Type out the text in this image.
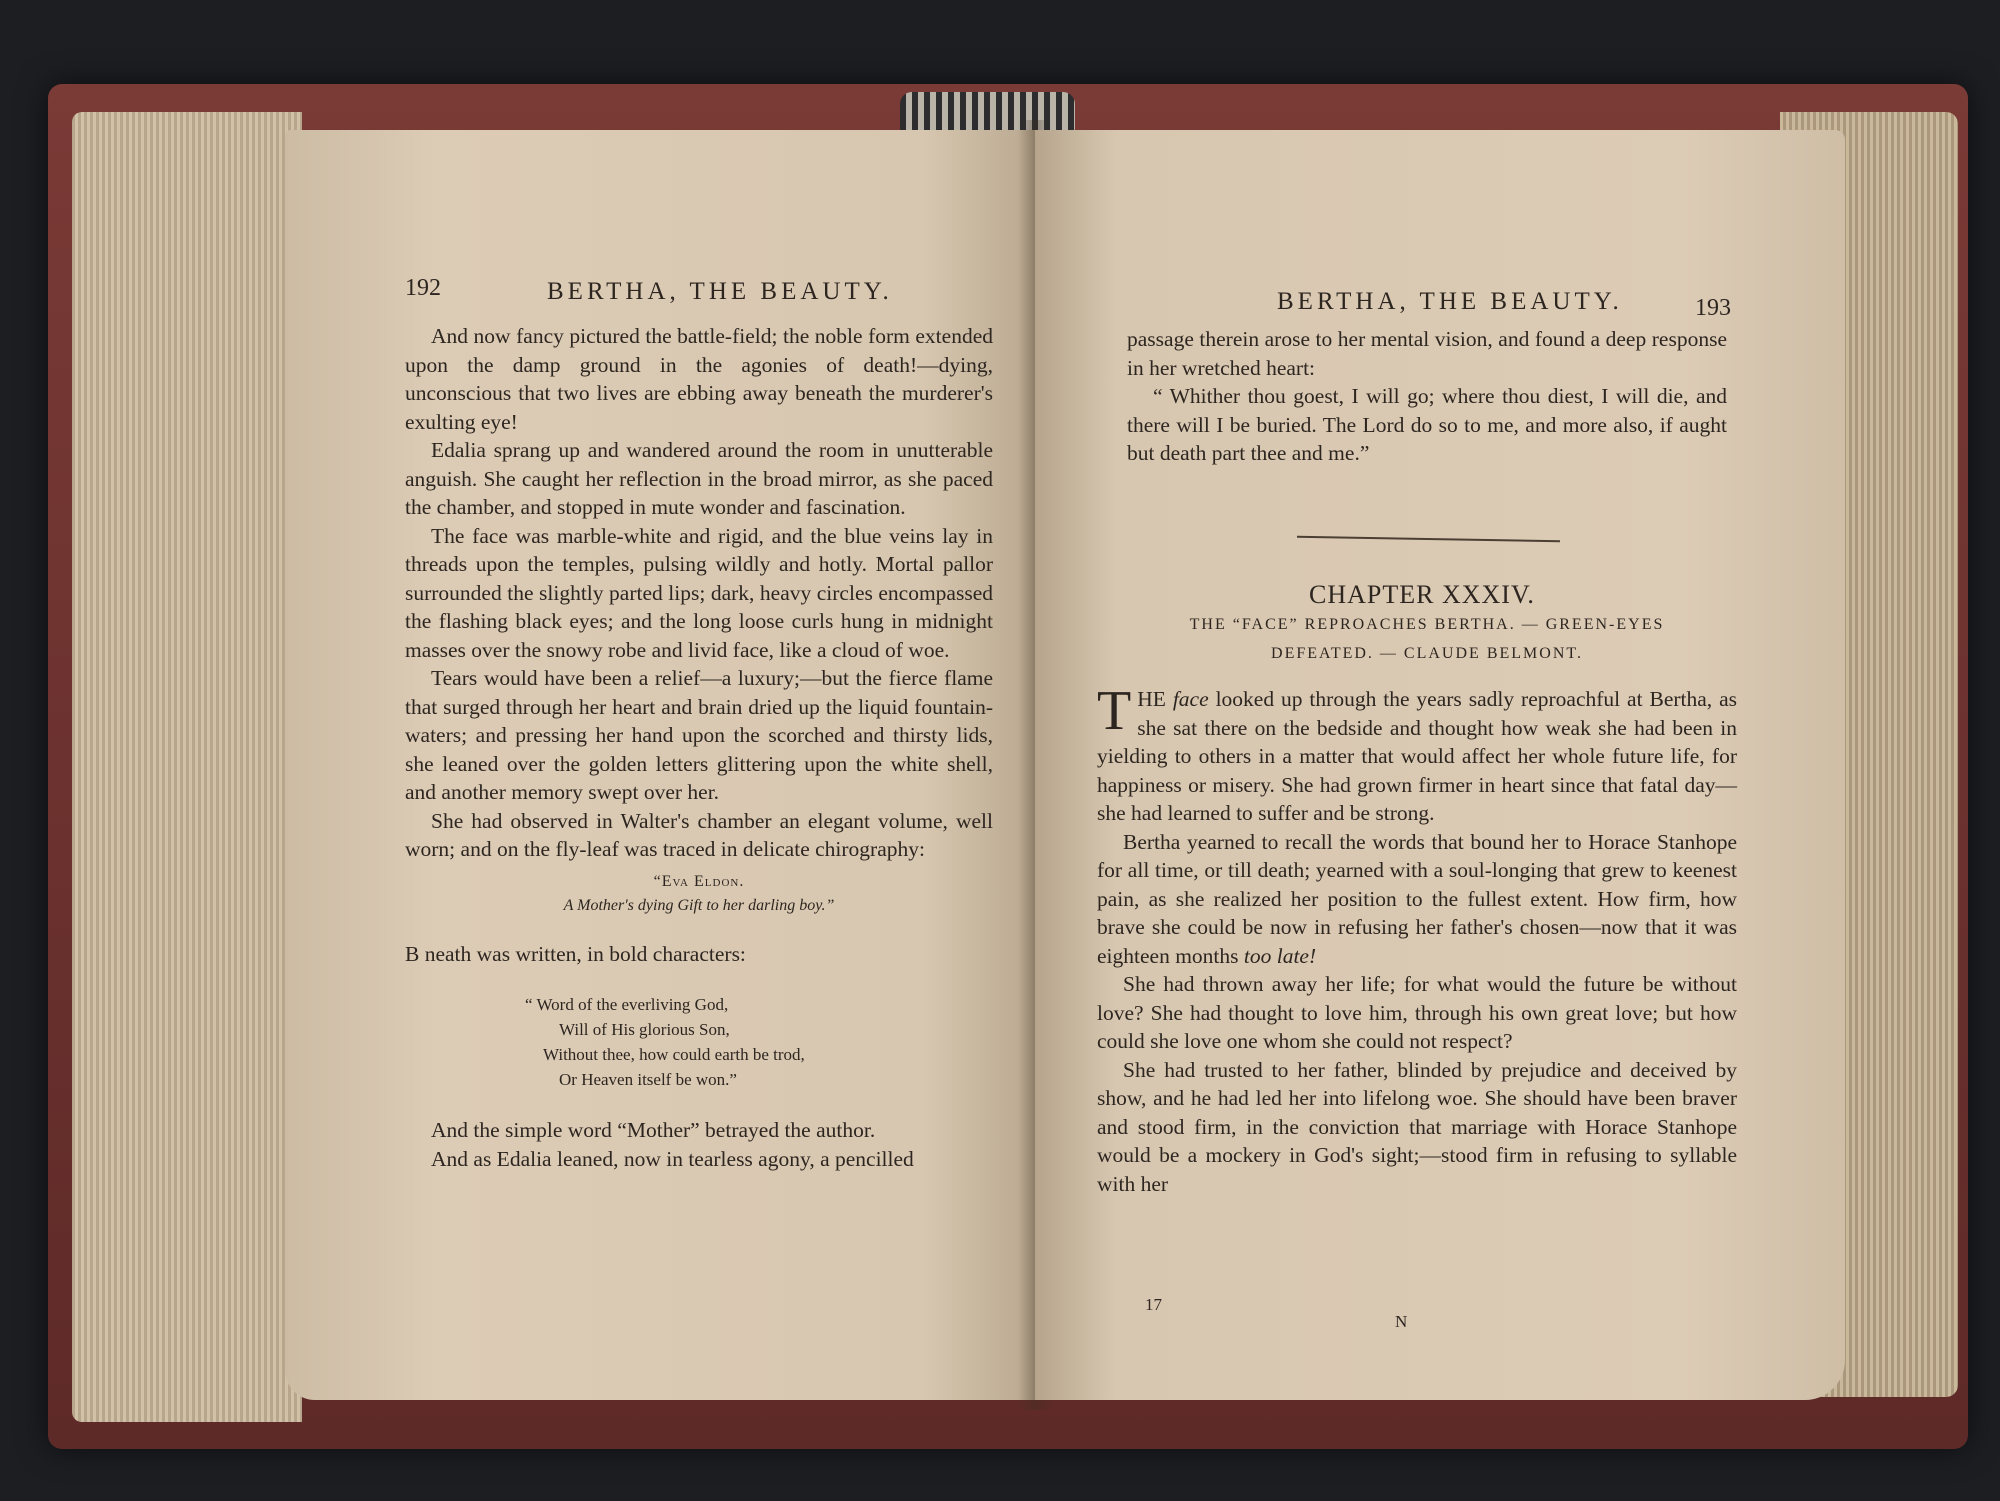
192	BERTHA, THE BEAUTY.

And now fancy pictured the battle-field; the noble form extended upon the damp ground in the agonies of death!—dying, unconscious that two lives are ebbing away beneath the murderer's exulting eye!

Edalia sprang up and wandered around the room in unutterable anguish. She caught her reflection in the broad mirror, as she paced the chamber, and stopped in mute wonder and fascination.

The face was marble-white and rigid, and the blue veins lay in threads upon the temples, pulsing wildly and hotly. Mortal pallor surrounded the slightly parted lips; dark, heavy circles encompassed the flashing black eyes; and the long loose curls hung in midnight masses over the snowy robe and livid face, like a cloud of woe.

Tears would have been a relief—a luxury;—but the fierce flame that surged through her heart and brain dried up the liquid fountain-waters; and pressing her hand upon the scorched and thirsty lids, she leaned over the golden letters glittering upon the white shell, and another memory swept over her.

She had observed in Walter's chamber an elegant volume, well worn; and on the fly-leaf was traced in delicate chirography:

“Eva Eldon.
A Mother's dying Gift to her darling boy.”

B neath was written, in bold characters:

“ Word of the everliving God,
Will of His glorious Son,
Without thee, how could earth be trod,
Or Heaven itself be won.”

And the simple word “Mother” betrayed the author.

And as Edalia leaned, now in tearless agony, a pencilled

BERTHA, THE BEAUTY.	193

passage therein arose to her mental vision, and found a deep response in her wretched heart:

“ Whither thou goest, I will go; where thou diest, I will die, and there will I be buried. The Lord do so to me, and more also, if aught but death part thee and me.”

CHAPTER XXXIV.
THE “FACE” REPROACHES BERTHA. — GREEN-EYES
DEFEATED. — CLAUDE BELMONT.

THE face looked up through the years sadly reproachful at Bertha, as she sat there on the bedside and thought how weak she had been in yielding to others in a matter that would affect her whole future life, for happiness or misery. She had grown firmer in heart since that fatal day—she had learned to suffer and be strong.

Bertha yearned to recall the words that bound her to Horace Stanhope for all time, or till death; yearned with a soul-longing that grew to keenest pain, as she realized her position to the fullest extent. How firm, how brave she could be now in refusing her father's chosen—now that it was eighteen months too late!

She had thrown away her life; for what would the future be without love? She had thought to love him, through his own great love; but how could she love one whom she could not respect?

She had trusted to her father, blinded by prejudice and deceived by show, and he had led her into lifelong woe. She should have been braver and stood firm, in the conviction that marriage with Horace Stanhope would be a mockery in God's sight;—stood firm in refusing to syllable with her

17
N
